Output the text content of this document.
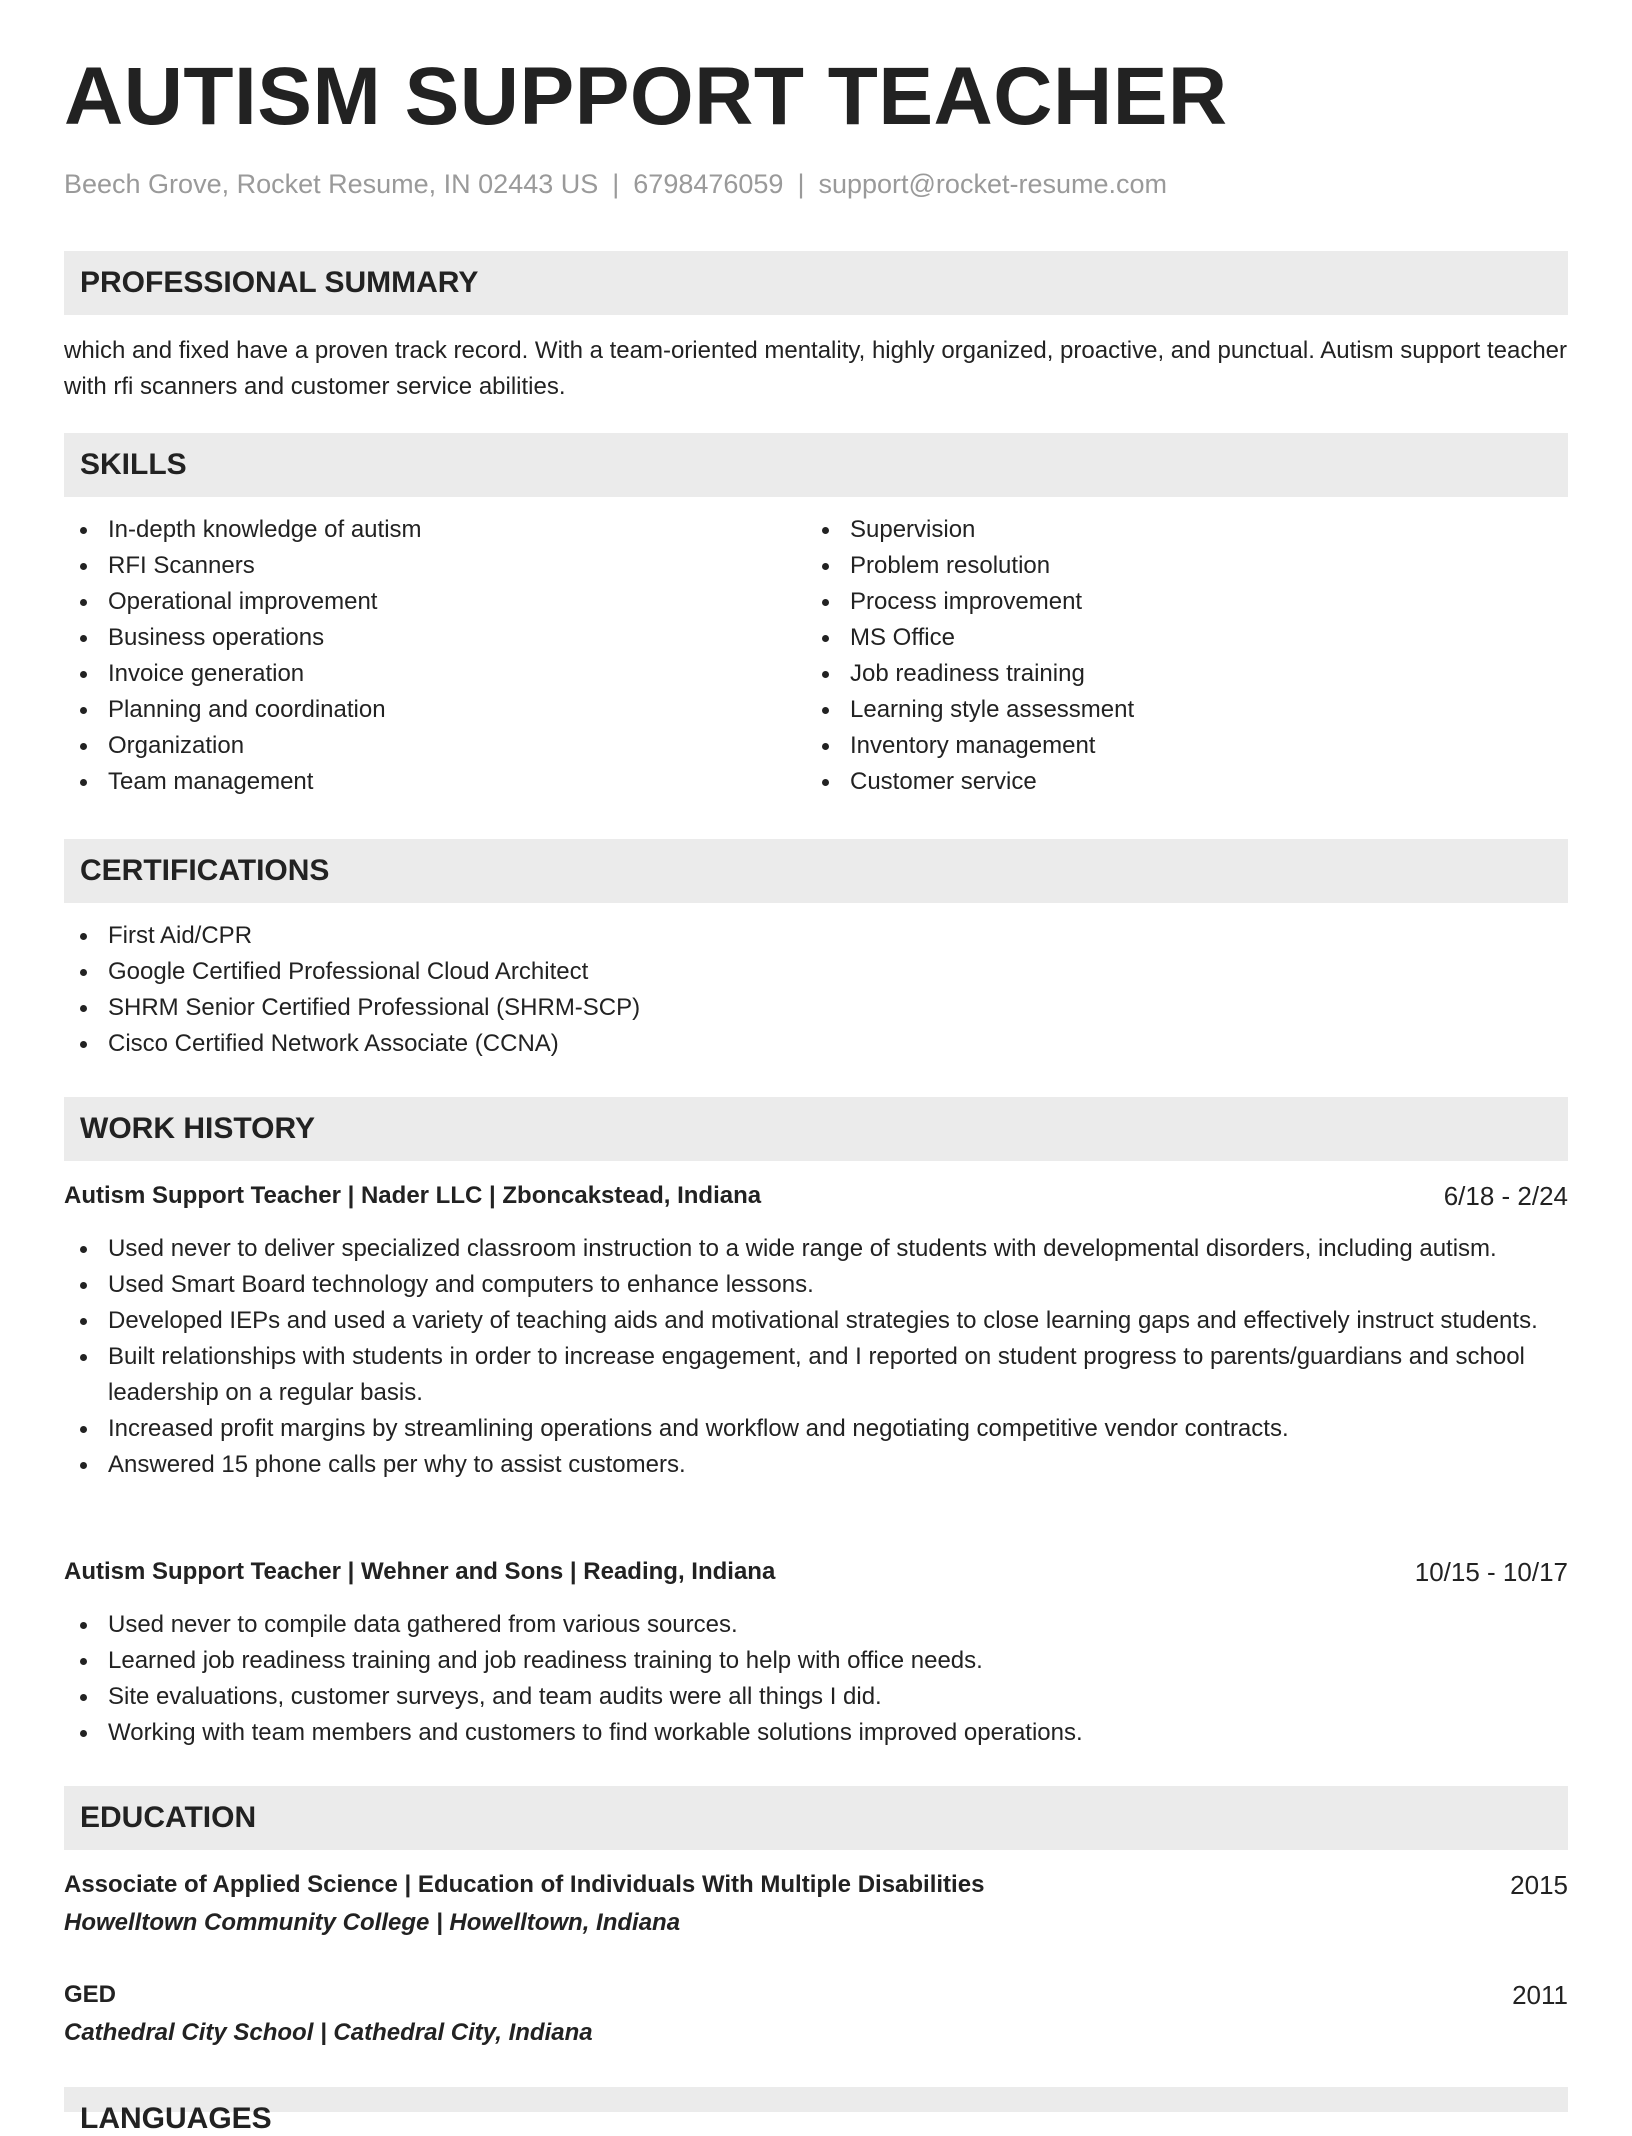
AUTISM SUPPORT TEACHER
Beech Grove, Rocket Resume, IN 02443 US | 6798476059 | support@rocket-resume.com
PROFESSIONAL SUMMARY
which and fixed have a proven track record. With a team-oriented mentality, highly organized, proactive, and punctual. Autism support teacher with rfi scanners and customer service abilities.
SKILLS
In-depth knowledge of autism
RFI Scanners
Operational improvement
Business operations
Invoice generation
Planning and coordination
Organization
Team management
Supervision
Problem resolution
Process improvement
MS Office
Job readiness training
Learning style assessment
Inventory management
Customer service
CERTIFICATIONS
First Aid/CPR
Google Certified Professional Cloud Architect
SHRM Senior Certified Professional (SHRM-SCP)
Cisco Certified Network Associate (CCNA)
WORK HISTORY
Autism Support Teacher | Nader LLC | Zboncakstead, Indiana	6/18 - 2/24
Used never to deliver specialized classroom instruction to a wide range of students with developmental disorders, including autism.
Used Smart Board technology and computers to enhance lessons.
Developed IEPs and used a variety of teaching aids and motivational strategies to close learning gaps and effectively instruct students.
Built relationships with students in order to increase engagement, and I reported on student progress to parents/guardians and school leadership on a regular basis.
Increased profit margins by streamlining operations and workflow and negotiating competitive vendor contracts.
Answered 15 phone calls per why to assist customers.
Autism Support Teacher | Wehner and Sons | Reading, Indiana	10/15 - 10/17
Used never to compile data gathered from various sources.
Learned job readiness training and job readiness training to help with office needs.
Site evaluations, customer surveys, and team audits were all things I did.
Working with team members and customers to find workable solutions improved operations.
EDUCATION
Associate of Applied Science | Education of Individuals With Multiple Disabilities	2015
Howelltown Community College | Howelltown, Indiana
GED	2011
Cathedral City School | Cathedral City, Indiana
LANGUAGES
